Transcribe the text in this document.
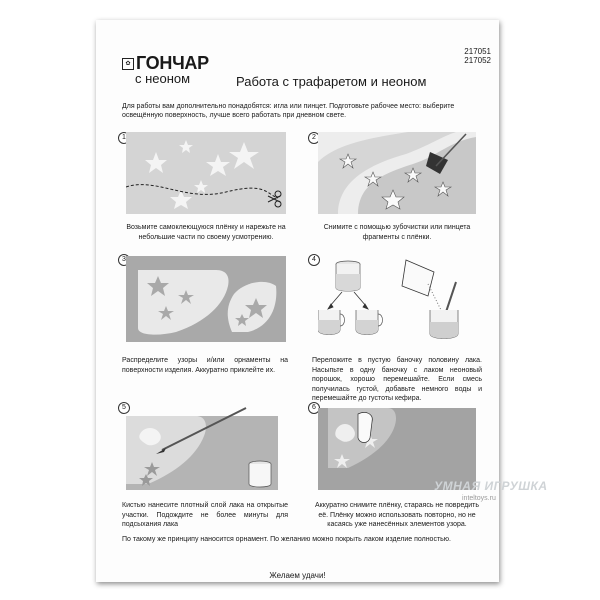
✿ ГОНЧАР
с неоном
217051
217052
Работа с трафаретом и неоном
Для работы вам дополнительно понадобятся: игла или пинцет. Подготовьте рабочее место: выберите освещённую поверхность, лучше всего работать при дневном свете.
1
Возьмите самоклеющуюся плёнку и нарежьте на небольшие части по своему усмотрению.
2
Снимите с помощью зубочистки или пинцета фрагменты с плёнки.
3
Распределите узоры и/или орнаменты на поверхности изделия. Аккуратно приклейте их.
4
Переложите в пустую баночку половину лака. Насыпьте в одну баночку с лаком неоновый порошок, хорошо перемешайте. Если смесь получилась густой, добавьте немного воды и перемешайте до густоты кефира.
5
Кистью нанесите плотный слой лака на открытые участки. Подождите не более минуты для подсыхания лака
6
Аккуратно снимите плёнку, стараясь не повредить её. Плёнку можно использовать повторно, но не касаясь уже нанесённых элементов узора.
УМНАЯ ИГРУШКА
inteltoys.ru
По такому же принципу наносится орнамент. По желанию можно покрыть лаком изделие полностью.
Желаем удачи!
